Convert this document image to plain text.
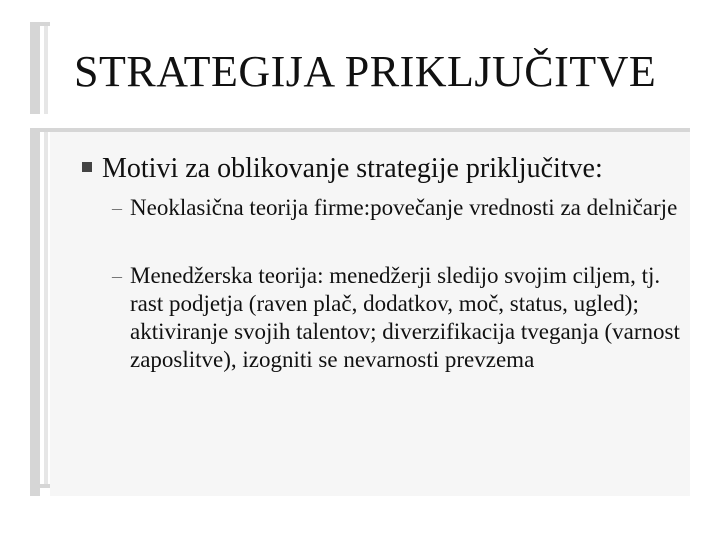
STRATEGIJA PRIKLJUČITVE
Motivi za oblikovanje strategije priključitve:
– Neoklasična teorija firme:povečanje vrednosti za delničarje
– Menedžerska teorija: menedžerji sledijo svojim ciljem, tj. rast podjetja (raven plač, dodatkov, moč, status, ugled); aktiviranje svojih talentov; diverzifikacija tveganja (varnost zaposlitve), izogniti se nevarnosti prevzema
